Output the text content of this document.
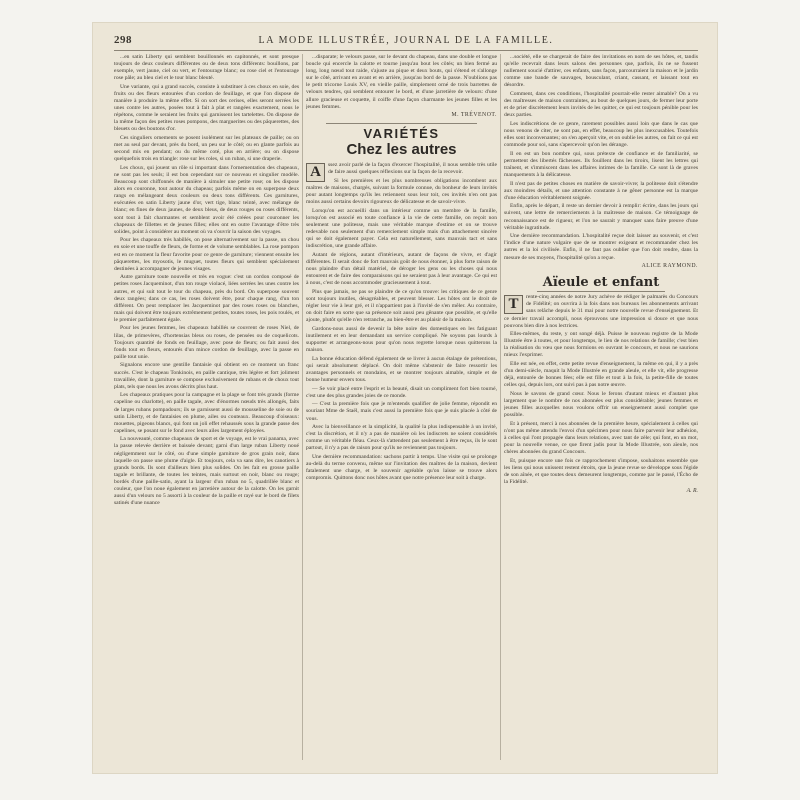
298	LA MODE ILLUSTRÉE, JOURNAL DE LA FAMILLE.

...en satin Liberty qui semblent bouillonnés en capitonnés, et sont presque toujours de deux couleurs différentes ou de deux tons différents: bouillons, par exemple, vert jaune, ciel ou vert, et l'entourage blanc; ou rose ciel et l'entourage rose pâle; au bleu ciel et le tour blanc bleuté.

Une variante, qui a grand succès, consiste à substituer à ces choux en soie, des fruits ou des fleurs entourées d'un cordon de feuillage, et que l'on dispose de manière à produire la même effet. Si on sort des cerises, elles seront serrées les unes contre les autres, posées tout à fait à plat et rangées exactement, nous le répétons, comme le seraient les fruits qui garnissent les tartelettes. On dispose de la même façon des petites roses pompons, des marguerites ou des pâquerettes, des bleuets ou des boutons d'or.

Ces singuliers ornements se posent isolément sur les plateaux de paille; ou on met au seul par devant, près du bord, un peu sur le côté; ou en glante parfois au second mis en pendant; ou du même coté, plus en arrière; ou on dispose quelquefois trois en triangle: rose sur les roles, si un ruban, si une draperie.

Les choux, qui jouent un rôle si important dans l'ornementation des chapeaux, ne sont pas les seuls; il est bon cependant sur ce nouveau et singulier modèle. Beaucoup sont chiffonnés de manière à simuler une petite rose; on les dispose alors en couronne, tout autour du chapeau; parfois même on en superpose deux rangs en mélangeant deux couleurs ou deux tons différents. Ces garnitures, exécutées en satin Liberty jaune d'or, vert tige, blanc teinté, avec mélange de blanc; en fines de deux jaunes, de deux bleus, de deux rouges ou roses différents, sont tout à fait charmantes et semblent avoir été créées pour couronner les chapeaux de fillettes et de jeunes filles; elles ont en outre l'avantage d'être très solides, point à considérer au moment où va s'ouvrir la saison des voyages.

Pour les chapeaux très habillés, on pose alternativement sur la passe, un chou en soie et une touffe de fleurs, de forme et de volume semblables. La rose pompon est en ce moment la fleur favorite pour ce genre de garniture; viennent ensuite les pâquerettes, les myosotis, le muguet, toutes fleurs qui semblent spécialement destinées à accompagner de jeunes visages.

Autre garniture toute nouvelle et très en vogue: c'est un cordon composé de petites roses Jacqueminot, d'un ton rouge violacé, liées serrées les unes contre les autres, et qui suit tout le tour du chapeau, près du bord. On superpose souvent deux rangées; dans ce cas, les roses doivent être, pour chaque rang, d'un ton différent. On peut remplacer les Jacqueminot par des roses roses ou blanches, mais qui doivent être toujours extrêmement petites, toutes roses, les pois roulés, et le premier parfaitement égale.

Pour les jeunes femmes, les chapeaux habillés se couvrent de roses Niel, de lilas, de primevères, d'hortensias bleus ou roses, de pensées ou de coquelicots. Toujours quantité de fonds en feuillage, avec pose de fleurs; ou fait aussi des fonds tout en fleurs, entourés d'un mince cordon de feuillage, avec la passe en paille tout unie.

Signalons encore une gentille fantaisie qui obtient en ce moment un franc succès. C'est le chapeau Tonkinois, en paille cantique, très légère et fort joliment travaillée, dont la garniture se compose exclusivement de rubans et de choux tout plats, tels que nous les avons décrits plus haut.

Les chapeaux pratiques pour la campagne et la plage se font très grands (forme capeline ou charlotte), en paille tagale, avec d'énormes nœuds très allongés, faits de larges rubans pompadours; ils se garnissent aussi de mousseline de soie ou de satin Liberty, et de fantaisies en plume, ailes ou couteaux. Beaucoup d'oiseaux: mouettes, pigeons blancs, qui font un joli effet rehaussés sous la grande passe des capelines, se posant sur le fond avec leurs ailes largement éployées.

La nouveauté, comme chapeaux de sport et de voyage, est le vrai panama, avec la passe relevée derrière et baissée devant; garni d'un large ruban Liberty noué négligemment sur le côté, ou d'une simple garniture de gros grain noir, dans laquelle on passe une plume d'aigle. Et toujours, cela va sans dire, les canotiers à grands bords. Ils sont d'ailleurs bien plus solides. On les fait en grosse paille tagale et brillante, de toutes les teintes, mais surtout en noir, blanc ou rouge; bordés d'une paille-satin, ayant la largeur d'un ruban no 5, quadrillée blanc et couleur, que l'on noue également en jarretière autour de la calotte. On les garnit aussi d'un velours no 5 assorti à la couleur de la paille et rayé sur le bord de filets satinés d'une nuance

...disparate; le velours passe, sur le devant du chapeau, dans une double et longue boucle qui encercle la calotte et tourne jusqu'au bout les côtés; un bien fermé au long, long nœud tout raide, s'ajuste au pique et deux bouts, qui s'étend et s'allonge sur le côté, arrivant en avant et en arrière, jusqu'au bord de la passe. N'oublions pas le petit tricorne Louis XV, en vieille paille, simplement orné de trois barrettes de velours tendres, qui semblent entourer le bord, et d'une jarretière de velours: d'une allure gracieuse et coquette, il coiffe d'une façon charmante les jeunes filles et les jeunes femmes.

M. TRÉVENOT.

VARIÉTÉS
Chez les autres

A	ssez avoir parlé de la façon d'exercer l'hospitalité, il nous semble très utile de faire aussi quelques réflexions sur la façon de la recevoir.

Si les premières et les plus nombreuses obligations incombent aux maîtres de maisons, chargés, suivant la formule connue, du bonheur de leurs invités pour autant longtemps qu'ils les retiennent sous leur toit, ces invités n'en ont pas moins aussi certains devoirs rigoureux de délicatesse et de savoir-vivre.

Lorsqu'on est accueilli dans un intérieur comme un membre de la famille, lorsqu'on est associé en toute confiance à la vie de cette famille, on reçoit non seulement une politesse, mais une véritable marque d'estime et on se trouve redevable non seulement d'un remerciement simple mais d'un attachement sincère qui se doit également payer. Cela est naturellement, sans mauvais tact et sans indiscrétion, une grande affaire.

Autant de régions, autant d'intérieurs, autant de façons de vivre, et d'agir différentes. Il serait donc de fort mauvais goût de nous étonner, à plus forte raison de nous plaindre d'un détail matériel, de déroger les gens ou les choses qui nous entourent et de faire des comparaisons qui ne seraient pas à leur avantage. Ce qui est à nous, c'est de nous accommoder gracieusement à tout.

Plus que jamais, ne pas se plaindre de ce qu'on trouve: les critiques de ce genre sont toujours inutiles, désagréables, et peuvent blesser. Les hôtes ont le droit de régler leur vie à leur gré, et il n'appartient pas à l'invité de s'en mêler. Au contraire, on doit faire en sorte que sa présence soit aussi peu gênante que possible, et qu'elle ajoute, plutôt qu'elle n'en retranche, au bien-être et au plaisir de la maison.

Gardons-nous aussi de devenir la bête noire des domestiques en les fatiguant inutilement et en leur demandant un service compliqué. Ne soyons pas lourds à supporter et arrangeons-nous pour qu'on nous regrette lorsque nous quitterons la maison.

La bonne éducation défend également de se livrer à aucun étalage de prétentions, qui serait absolument déplacé. On doit même s'abstenir de faire ressortir les avantages personnels et mondains, et se montrer toujours aimable, simple et de bonne humeur envers tous.

— Se voir placé entre l'esprit et la beauté, disait un compliment fort bien tourné, c'est une des plus grandes joies de ce monde.

— C'est la première fois que je m'entends qualifier de jolie femme, répondit en souriant Mme de Staël, mais c'est aussi la première fois que je suis placée à côté de vous.

Avec la bienveillance et la simplicité, la qualité la plus indispensable à un invité, c'est la discrétion, et il n'y a pas de manière où les indiscrets ne soient considérés comme un véritable fléau. Ceux-là s'attendent pas seulement à être reçus, ils le sont partout, il n'y a pas de raison pour qu'ils ne reviennent pas toujours.

Une dernière recommandation: sachons partir à temps. Une visite qui se prolonge au-delà du terme convenu, même sur l'invitation des maîtres de la maison, devient fatalement une charge, et le souvenir agréable qu'on laisse se trouve alors compromis. Quittons donc nos hôtes avant que notre présence leur soit à charge.

...société, elle se chargerait de faire des invitations en nom de ses hôtes, et, tandis qu'elle recevrait dans leurs salons des personnes que, parfois, ils ne se fussent nullement soucié d'attirer, ces enfants, sans façon, parcourraient la maison et le jardin comme une bande de sauvages, bousculant, criant, cassant, et laissant tout en désordre.

Comment, dans ces conditions, l'hospitalité pourrait-elle rester aimable? On a vu des maîtresses de maison contraintes, au bout de quelques jours, de fermer leur porte et de prier discrètement leurs invités de les quitter, ce qui est toujours pénible pour les deux parties.

Les indiscrétions de ce genre, rarement possibles aussi loin que dans le cas que nous venons de citer, ne sont pas, en effet, beaucoup les plus inexcusables. Toutefois elles sont inconvenantes; on s'en aperçoit vite, et on oublie les autres, on fait ce qui est commode pour soi, sans s'apercevoir qu'on les dérange.

Il en est un bon nombre qui, sous prétexte de confiance et de familiarité, se permettent des libertés fâcheuses. Ils fouillent dans les tiroirs, lisent les lettres qui traînent, et s'immiscent dans les affaires intimes de la famille. Ce sont là de graves manquements à la délicatesse.

Il n'est pas de petites choses en matière de savoir-vivre; la politesse doit s'étendre aux moindres détails, et une attention constante à ne gêner personne est la marque d'une éducation véritablement soignée.

Enfin, après le départ, il reste un dernier devoir à remplir: écrire, dans les jours qui suivent, une lettre de remerciements à la maîtresse de maison. Ce témoignage de reconnaissance est de rigueur, et l'on ne saurait y manquer sans faire preuve d'une véritable ingratitude.

Une dernière recommandation. L'hospitalité reçue doit laisser au souvenir, et c'est l'indice d'une nature vulgaire que de se montrer exigeant et recommander chez les autres et la loi civilisée. Enfin, il ne faut pas oublier que l'on doit rendre, dans la mesure de ses moyens, l'hospitalité qu'on a reçue.

ALICE RAYMOND.

Aïeule et enfant

T	rente-cinq années de notre Jury achève de rédiger le palmarès du Concours de Fidélité; on ouvrira à la fois dans nos bureaux les abonnements arrivant sans relâche depuis le 31 mai pour notre nouvelle revue d'enseignement. Et ce dernier travail accompli, nous éprouvons une impression si douce et que nous pouvons bien dire à nos lectrices.

Elles-mêmes, du reste, y ont songé déjà. Puisse le nouveau registre de la Mode Illustrée être à toutes, et pour longtemps, le lien de nos relations de famille; c'est bien la réalisation du vœu que nous formions en ouvrant le concours, et nous ne saurions mieux l'exprimer.

Elle est née, en effet, cette petite revue d'enseignement, la même en qui, il y a près d'un demi-siècle, maquit la Mode Illustrée en grande aïeule, et elle vit, elle progresse déjà, entourée de bonnes fées; elle est fille et tout à la fois, la petite-fille de toutes celles qui, depuis lors, ont suivi pas à pas notre œuvre.

Nous le savons de grand cœur. Nous le ferons d'autant mieux et d'autant plus largement que le nombre de nos abonnées est plus considérable; jeunes femmes et jeunes filles auxquelles nous voulons offrir un enseignement aussi complet que possible.

Et à présent, merci à nos abonnées de la première heure, spécialement à celles qui n'ont pas même attendu l'envoi d'un spécimen pour nous faire parvenir leur adhésion, à celles qui l'ont propagée dans leurs relations, avec tant de zèle; qui font, en un mot, pour la nouvelle venue, ce que firent jadis pour la Mode Illustrée, son aïeule, nos chères abonnées du grand Concours.

Et, puisque encore une fois ce rapprochement s'impose, souhaitons ensemble que les liens qui nous unissent restent étroits, que la jeune revue se développe sous l'égide de son aînée, et que toutes deux demeurent longtemps, comme par le passé, l'Écho de la Fidélité.

A. R.
